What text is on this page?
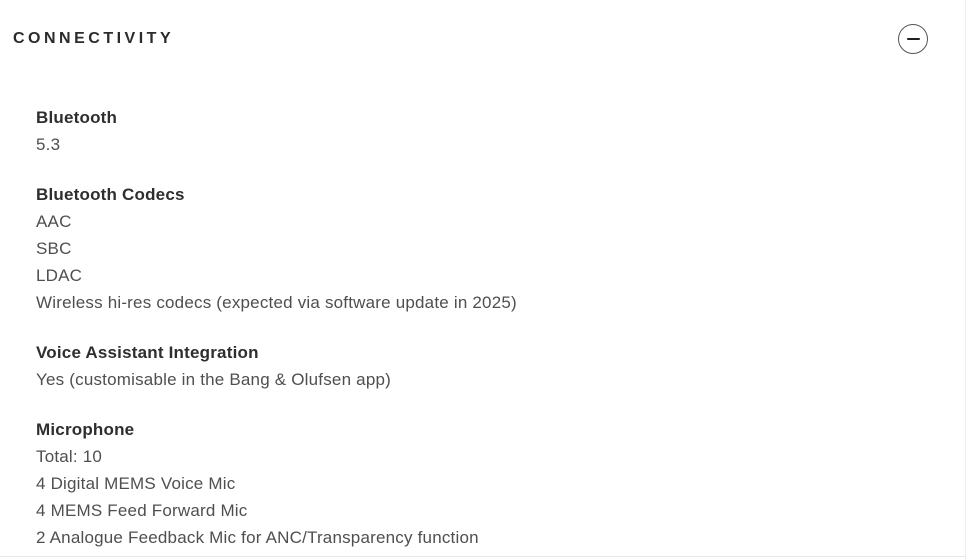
CONNECTIVITY
Bluetooth
5.3
Bluetooth Codecs
AAC
SBC
LDAC
Wireless hi-res codecs (expected via software update in 2025)
Voice Assistant Integration
Yes (customisable in the Bang & Olufsen app)
Microphone
Total: 10
4 Digital MEMS Voice Mic
4 MEMS Feed Forward Mic
2 Analogue Feedback Mic for ANC/Transparency function
